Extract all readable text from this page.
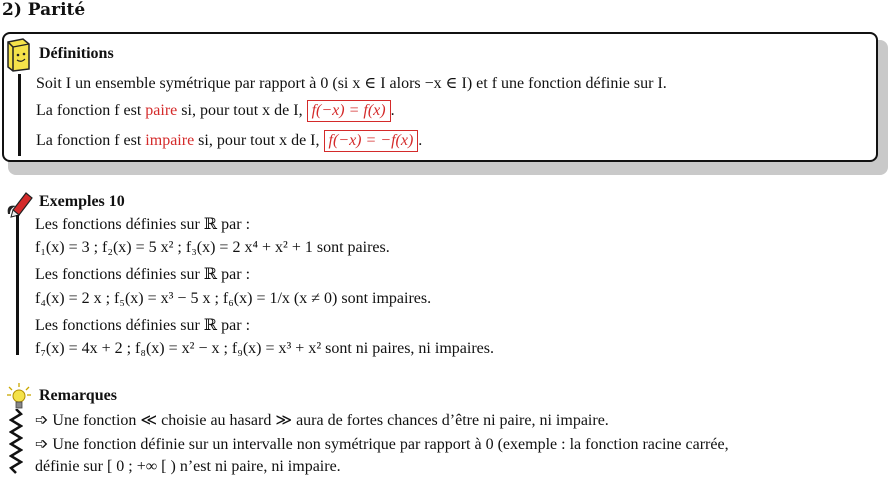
2) Parité
Définitions
Soit I un ensemble symétrique par rapport à 0 (si x ∈ I alors −x ∈ I) et f une fonction définie sur I.
La fonction f est paire si, pour tout x de I, f(−x) = f(x) .
La fonction f est impaire si, pour tout x de I, f(−x) = −f(x) .
Exemples 10
Les fonctions définies sur ℝ par :
f₁(x) = 3 ; f₂(x) = 5 x² ; f₃(x) = 2 x⁴ + x² + 1 sont paires.
Les fonctions définies sur ℝ par :
f₄(x) = 2 x ; f₅(x) = x³ − 5 x ; f₆(x) = 1/x (x ≠ 0) sont impaires.
Les fonctions définies sur ℝ par :
f₇(x) = 4x + 2 ; f₈(x) = x² − x ; f₉(x) = x³ + x² sont ni paires, ni impaires.
Remarques
➩ Une fonction ≪ choisie au hasard ≫ aura de fortes chances d’être ni paire, ni impaire.
➩ Une fonction définie sur un intervalle non symétrique par rapport à 0 (exemple : la fonction racine carrée,
définie sur [ 0 ; +∞ [ ) n’est ni paire, ni impaire.
